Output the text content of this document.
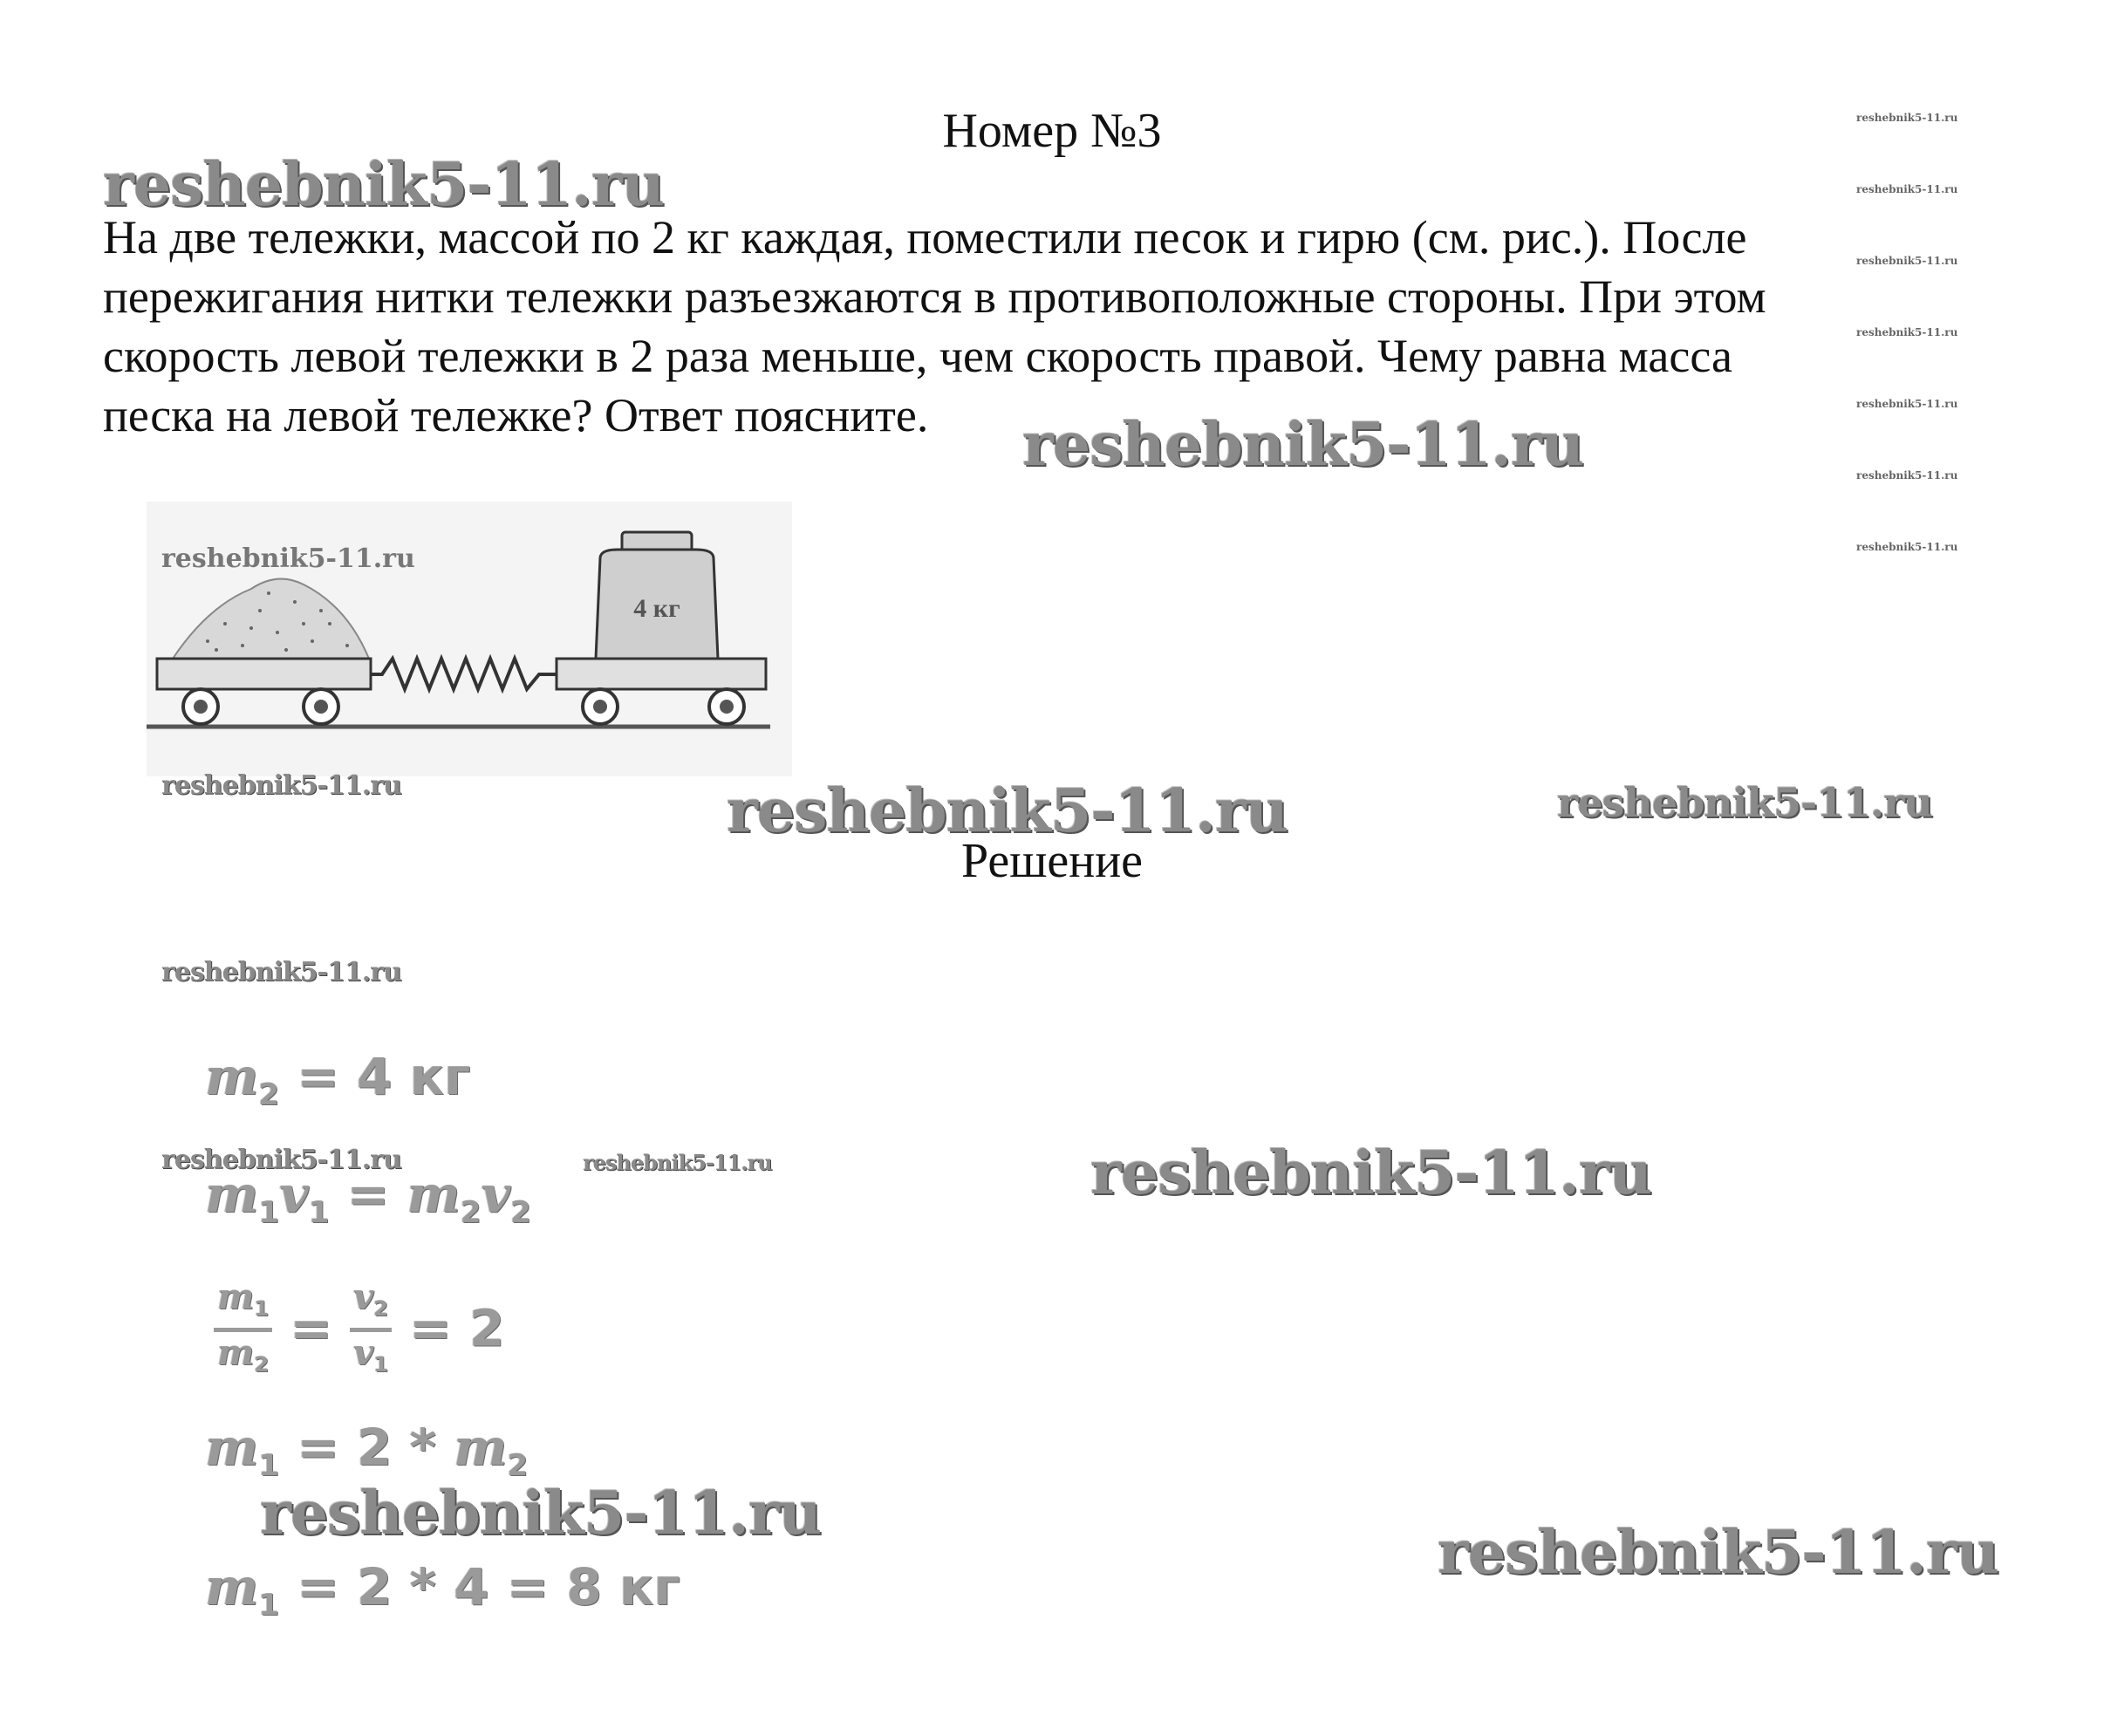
Номер №3

На две тележки, массой по 2 кг каждая, поместили песок и гирю (см. рис.). После
пережигания нитки тележки разъезжаются в противоположные стороны. При этом
скорость левой тележки в 2 раза меньше, чем скорость правой. Чему равна масса
песка на левой тележке? Ответ поясните.

4 кг
reshebnik5-11.ru
Решение
$m_2 = 4$ кг
$m_1v_1 = m_2v_2$
$\frac{m_1}{m_2} = \frac{v_2}{v_1} = 2$
$m_1 = 2 * m_2$
$m_1 = 2 * 4 = 8$ кг
reshebnik5-11.ru
reshebnik5-11.ru
reshebnik5-11.ru
reshebnik5-11.ru
reshebnik5-11.ru
reshebnik5-11.ru
reshebnik5-11.ru
reshebnik5-11.ru
reshebnik5-11.ru
reshebnik5-11.ru	reshebnik5-11.ru
reshebnik5-11.ru
reshebnik5-11.ru
reshebnik5-11.ru
reshebnik5-11.ru
reshebnik5-11.ru
reshebnik5-11.ru
reshebnik5-11.ru
